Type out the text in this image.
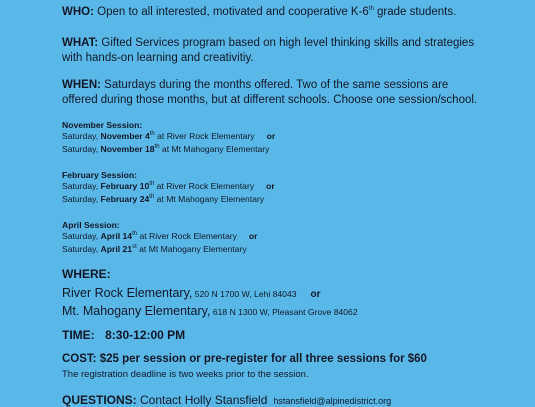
WHO: Open to all interested, motivated and cooperative K-6th grade students.
WHAT: Gifted Services program based on high level thinking skills and strategies
with hands-on learning and creativitiy.
WHEN: Saturdays during the months offered. Two of the same sessions are
offered during those months, but at different schools. Choose one session/school.
November Session:
Saturday, November 4th at River Rock Elementary or
Saturday, November 18th at Mt Mahogany Elementary
February Session:
Saturday, February 10th at River Rock Elementary or
Saturday, February 24th at Mt Mahogany Elementary
April Session:
Saturday, April 14th at River Rock Elementary or
Saturday, April 21st at Mt Mahogany Elementary
WHERE:
River Rock Elementary, 520 N 1700 W, Lehi 84043 or
Mt. Mahogany Elementary, 618 N 1300 W, Pleasant Grove 84062
TIME: 8:30-12:00 PM
COST: $25 per session or pre-register for all three sessions for $60
The registration deadline is two weeks prior to the session.
QUESTIONS: Contact Holly Stansfield hstansfield@alpinedistrict.org
